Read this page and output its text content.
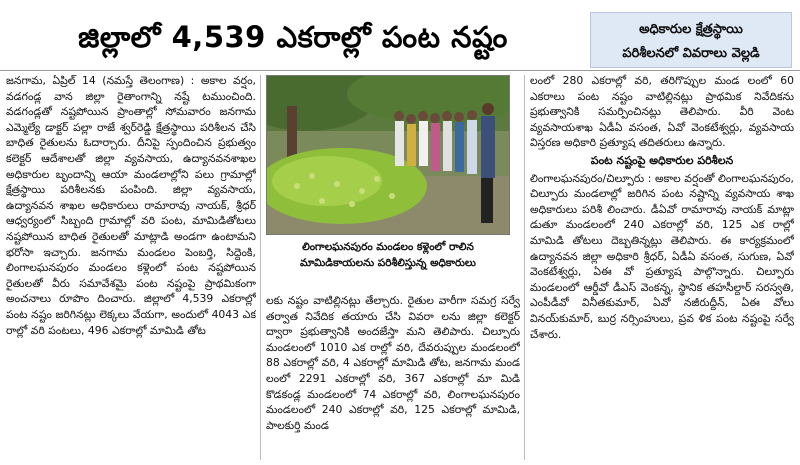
జిల్లాలో 4,539 ఎకరాల్లో పంట నష్టం	అధికారుల క్షేత్రస్థాయి
పరిశీలనలో వివరాలు వెల్లడి

జనగామ, ఏప్రిల్ 14 (నమస్తే తెలంగాణ) : అకాల వర్షం, వడగండ్ల వాన జిల్లా రైతాంగాన్ని నష్టే టముంచింది. వడగండ్లతో నష్టపోయిన ప్రాంతాల్లో సోమవారం జనగామ ఎమ్మెల్యే డాక్టర్ పల్లా రాజే శ్వర్‌రెడ్డి క్షేత్రస్థాయి పరిశీలన చేసి బాధిత రైతులను ఓదార్చారు. దీనిపై స్పందించిన ప్రభుత్వం కలెక్టర్ ఆదేశాలతో జిల్లా వ్యవసాయ, ఉద్యానవనశాఖల అధికారుల బృందాన్ని ఆయా మండలాల్లోని పలు గ్రామాల్లో క్షేత్రస్థాయి పరిశీలనకు పంపింది. జిల్లా వ్యవసాయ, ఉద్యానవన శాఖల అధికారులు రామారావు నాయక్, శ్రీధర్ ఆధ్వర్యంలో సిబ్బంది గ్రామాల్లో వరి పంట, మామిడితోటలు నష్టపోయిన బాధిత రైతులతో మాట్లాడి అండగా ఉంటామని భరోసా ఇచ్చారు. జనగామ మండలం పెంబర్తి, సిద్దెంకి, లింగాలఘనపురం మండలం కళ్లెంలో పంట నష్టపోయిన రైతులతో వీరు సమావేశమై పంట నష్టంపై ప్రాథమికంగా అంచనాలు రూపొం దించారు. జిల్లాలో 4,539 ఎకరాల్లో పంట నష్టం జరిగినట్లు లెక్కలు వేయగా, అందులో 4043 ఎక రాల్లో వరి పంటలు, 496 ఎకరాల్లో మామిడి తోట

లింగాలఘనపురం మండలం కళ్లెంలో రాలిన
మామిడికాయలను పరిశీలిస్తున్న అధికారులు

లకు నష్టం వాటిల్లినట్లు తేల్చారు. రైతుల వారీగా సమగ్ర సర్వే తర్వాత నివేదిక తయారు చేసి వివరా లను జిల్లా కలెక్టర్ ద్వారా ప్రభుత్వానికి అందజేస్తా మని తెలిపారు. చిల్పూరు మండలంలో 1010 ఎక రాల్లో వరి, దేవరుప్పుల మండలంలో 88 ఎకరాల్లో వరి, 4 ఎకరాల్లో మామిడి తోట, జనగామ మండ లంలో 2291 ఎకరాల్లో వరి, 367 ఎకరాల్లో మా మిడి కొడకండ్ల మండలంలో 74 ఎకరాల్లో వరి, లింగాలఘనపురం మండలంలో 240 ఎకరాల్లో వరి, 125 ఎకరాల్లో మామిడి, పాలకుర్తి మండ

లంలో 280 ఎకరాల్లో వరి, తరిగొప్పుల మండ లంలో 60 ఎకరాలు పంట నష్టం వాటిల్లినట్లు ప్రాథమిక నివేదికను ప్రభుత్వానికి సమర్పించినట్లు తెలిపారు. వీరి వెంట వ్యవసాయశాఖ ఏడీఏ వసంత, ఏవో వెంకటేశ్వర్లు, వ్యవసాయ విస్తరణ అధికారి ప్రత్యూష తదితరులు ఉన్నారు.

పంట నష్టంపై అధికారుల పరిశీలన

లింగాలఘనపురం/చిల్పూరు : అకాల వర్షంతో లింగాలఘనపురం, చిల్పూరు మండలాల్లో జరిగిన పంట నష్టాన్ని వ్యవసాయ శాఖ అధికారులు పరిశీ లించారు. డీఏవో రామారావు నాయక్ మాట్లా డుతూ మండలంలో 240 ఎకరాల్లో వరి, 125 ఎక రాల్లో మామిడి తోటలు దెబ్బతిన్నట్లు తెలిపారు. ఈ కార్యక్రమంలో ఉద్యానవన జిల్లా అధికారి శ్రీధర్, ఏడీఏ వసంత, సుగుణ, ఏవో వెంకటేశ్వర్లు, ఏఈ వో ప్రత్యూష పాల్గొన్నారు. చిల్పూరు మండలంలో ఆర్డీవో డీఎస్ వెంకన్న, స్థానిక తహసీల్దార్ సరస్వతి, ఎంపీడీవో వినీతకుమార్, ఏవో నజీరుద్దీన్, ఏఈ వోలు వినయ్‌కుమార్, బుర్ర నర్సింహులు, ప్రవ ళిక పంట నష్టంపై సర్వే చేశారు.
